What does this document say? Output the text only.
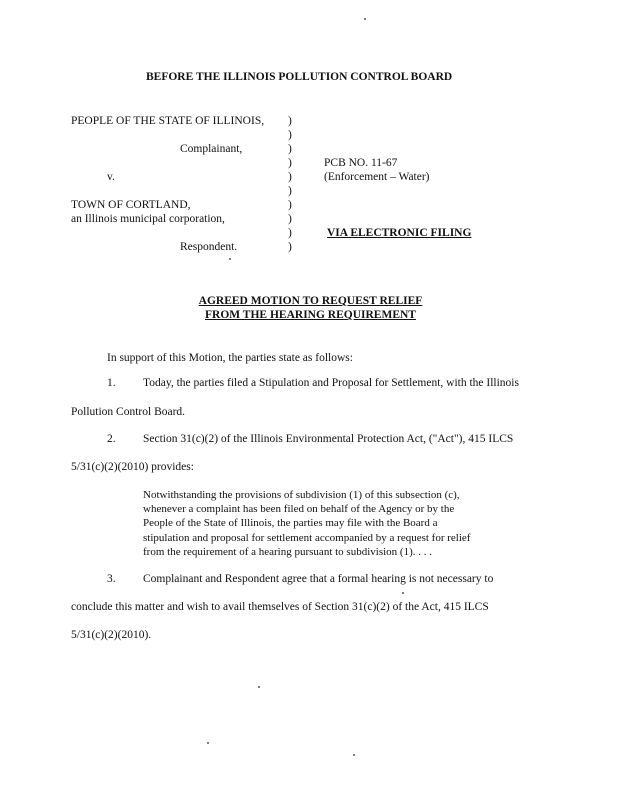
BEFORE THE ILLINOIS POLLUTION CONTROL BOARD
PEOPLE OF THE STATE OF ILLINOIS,
Complainant,
v.
TOWN OF CORTLAND,
an Illinois municipal corporation,
Respondent.
)
)
)
)
)
)
)
)
)
)
PCB NO. 11-67
(Enforcement – Water)
VIA ELECTRONIC FILING
AGREED MOTION TO REQUEST RELIEF
FROM THE HEARING REQUIREMENT
In support of this Motion, the parties state as follows:
1. Today, the parties filed a Stipulation and Proposal for Settlement, with the Illinois
Pollution Control Board.
2. Section 31(c)(2) of the Illinois Environmental Protection Act, ("Act"), 415 ILCS
5/31(c)(2)(2010) provides:
Notwithstanding the provisions of subdivision (1) of this subsection (c),
whenever a complaint has been filed on behalf of the Agency or by the
People of the State of Illinois, the parties may file with the Board a
stipulation and proposal for settlement accompanied by a request for relief
from the requirement of a hearing pursuant to subdivision (1). . . .
3. Complainant and Respondent agree that a formal hearing is not necessary to
conclude this matter and wish to avail themselves of Section 31(c)(2) of the Act, 415 ILCS
5/31(c)(2)(2010).
